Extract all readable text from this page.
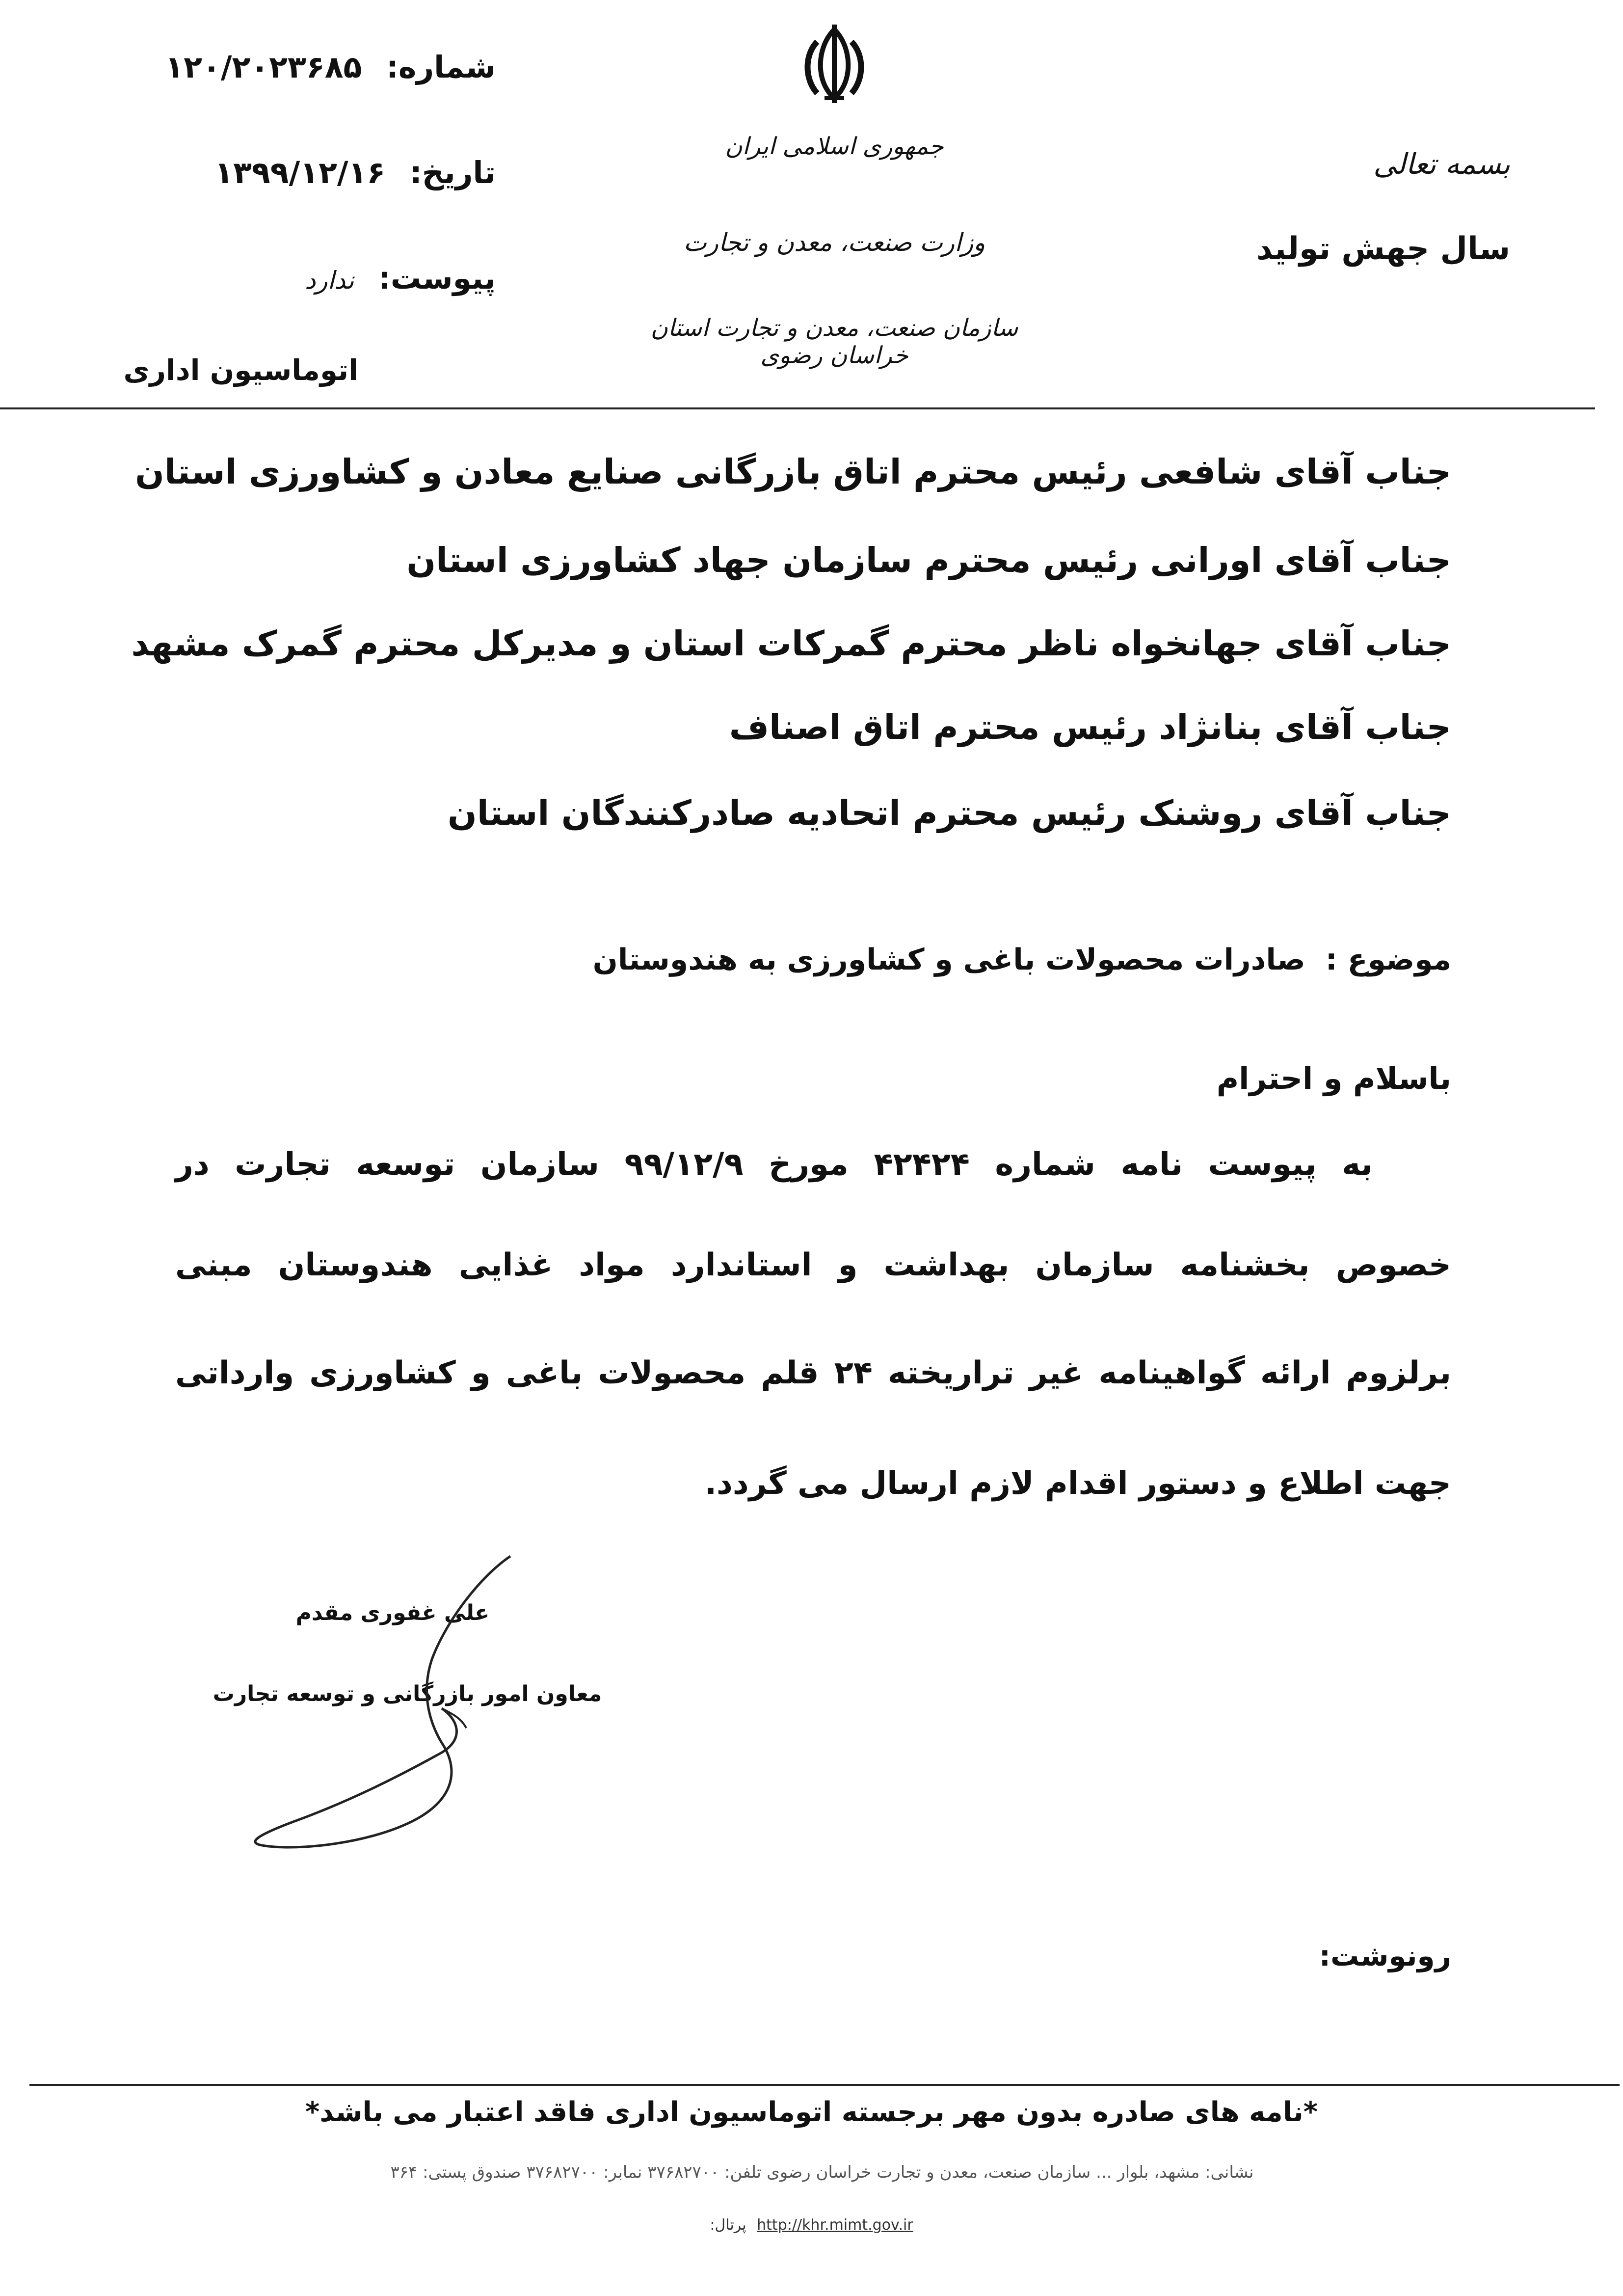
شماره: ۱۲۰/۲۰۲۳۶۸۵
تاریخ: ۱۳۹۹/۱۲/۱۶
پیوست: ندارد
اتوماسیون اداری
جمهوری اسلامی ایران
وزارت صنعت، معدن و تجارت
سازمان صنعت، معدن و تجارت استان خراسان رضوی
بسمه تعالی
سال جهش تولید
جناب آقای شافعی رئیس محترم اتاق بازرگانی صنایع معادن و کشاورزی استان
جناب آقای اورانی رئیس محترم سازمان جهاد کشاورزی استان
جناب آقای جهانخواه ناظر محترم گمرکات استان و مدیرکل محترم گمرک مشهد
جناب آقای بنانژاد رئیس محترم اتاق اصناف
جناب آقای روشنک رئیس محترم اتحادیه صادرکنندگان استان
موضوع : صادرات محصولات باغی و کشاورزی به هندوستان
باسلام و احترام
به پیوست نامه شماره ۴۲۴۲۴ مورخ ۹۹/۱۲/۹ سازمان توسعه تجارت در
خصوص بخشنامه سازمان بهداشت و استاندارد مواد غذایی هندوستان مبنی
برلزوم ارائه گواهینامه غیر تراریخته ۲۴ قلم محصولات باغی و کشاورزی وارداتی
جهت اطلاع و دستور اقدام لازم ارسال می گردد.
علی غفوری مقدم
معاون امور بازرگانی و توسعه تجارت
رونوشت:
*نامه های صادره بدون مهر برجسته اتوماسیون اداری فاقد اعتبار می باشد*
نشانی: مشهد، بلوار ... سازمان صنعت، معدن و تجارت خراسان رضوی تلفن: ۳۷۶۸۲۷۰۰ نمابر: ۳۷۶۸۲۷۰۰ صندوق پستی: ۳۶۴
http://khr.mimt.gov.ir پرتال:
